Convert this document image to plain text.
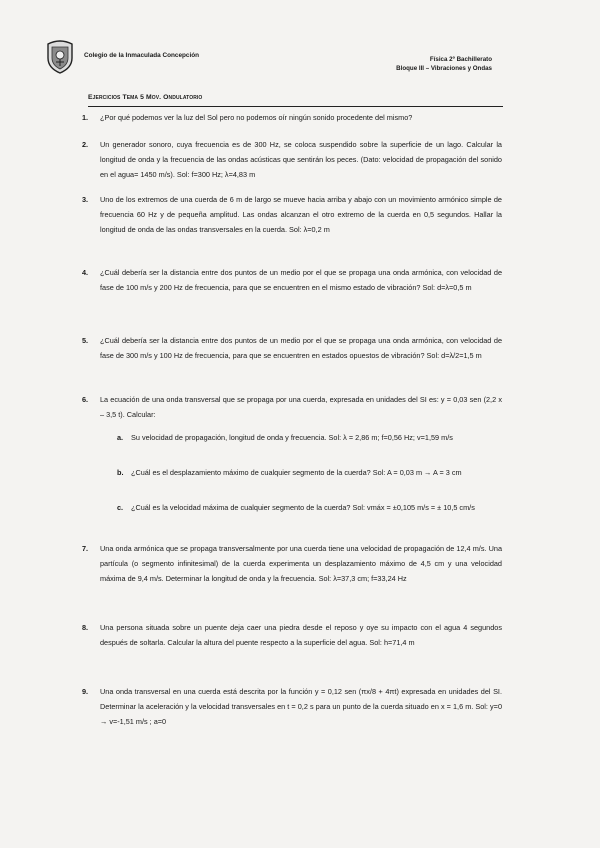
Colegio de la Inmaculada Concepción
Física 2º Bachillerato
Bloque III – Vibraciones y Ondas
Ejercicios Tema 5 Mov. Ondulatorio
1.	¿Por qué podemos ver la luz del Sol pero no podemos oír ningún sonido procedente del mismo?
2.	Un generador sonoro, cuya frecuencia es de 300 Hz, se coloca suspendido sobre la superficie de un lago. Calcular la longitud de onda y la frecuencia de las ondas acústicas que sentirán los peces. (Dato: velocidad de propagación del sonido en el agua= 1450 m/s). Sol: f=300 Hz; λ=4,83 m
3.	Uno de los extremos de una cuerda de 6 m de largo se mueve hacia arriba y abajo con un movimiento armónico simple de frecuencia 60 Hz y de pequeña amplitud. Las ondas alcanzan el otro extremo de la cuerda en 0,5 segundos. Hallar la longitud de onda de las ondas transversales en la cuerda. Sol: λ=0,2 m
4.	¿Cuál debería ser la distancia entre dos puntos de un medio por el que se propaga una onda armónica, con velocidad de fase de 100 m/s y 200 Hz de frecuencia, para que se encuentren en el mismo estado de vibración? Sol: d=λ=0,5 m
5.	¿Cuál debería ser la distancia entre dos puntos de un medio por el que se propaga una onda armónica, con velocidad de fase de 300 m/s y 100 Hz de frecuencia, para que se encuentren en estados opuestos de vibración? Sol: d=λ/2=1,5 m
6.	La ecuación de una onda transversal que se propaga por una cuerda, expresada en unidades del SI es: y = 0,03 sen (2,2 x – 3,5 t). Calcular:
a. Su velocidad de propagación, longitud de onda y frecuencia. Sol: λ = 2,86 m; f=0,56 Hz; v=1,59 m/s
b. ¿Cuál es el desplazamiento máximo de cualquier segmento de la cuerda? Sol: A = 0,03 m → A = 3 cm
c. ¿Cuál es la velocidad máxima de cualquier segmento de la cuerda? Sol: vmáx = ±0,105 m/s = ± 10,5 cm/s
7.	Una onda armónica que se propaga transversalmente por una cuerda tiene una velocidad de propagación de 12,4 m/s. Una partícula (o segmento infinitesimal) de la cuerda experimenta un desplazamiento máximo de 4,5 cm y una velocidad máxima de 9,4 m/s. Determinar la longitud de onda y la frecuencia. Sol: λ=37,3 cm; f=33,24 Hz
8.	Una persona situada sobre un puente deja caer una piedra desde el reposo y oye su impacto con el agua 4 segundos después de soltarla. Calcular la altura del puente respecto a la superficie del agua. Sol: h=71,4 m
9.	Una onda transversal en una cuerda está descrita por la función y = 0,12 sen (πx/8 + 4πt) expresada en unidades del SI. Determinar la aceleración y la velocidad transversales en t = 0,2 s para un punto de la cuerda situado en x = 1,6 m. Sol: y=0 → v=-1,51 m/s ; a=0
